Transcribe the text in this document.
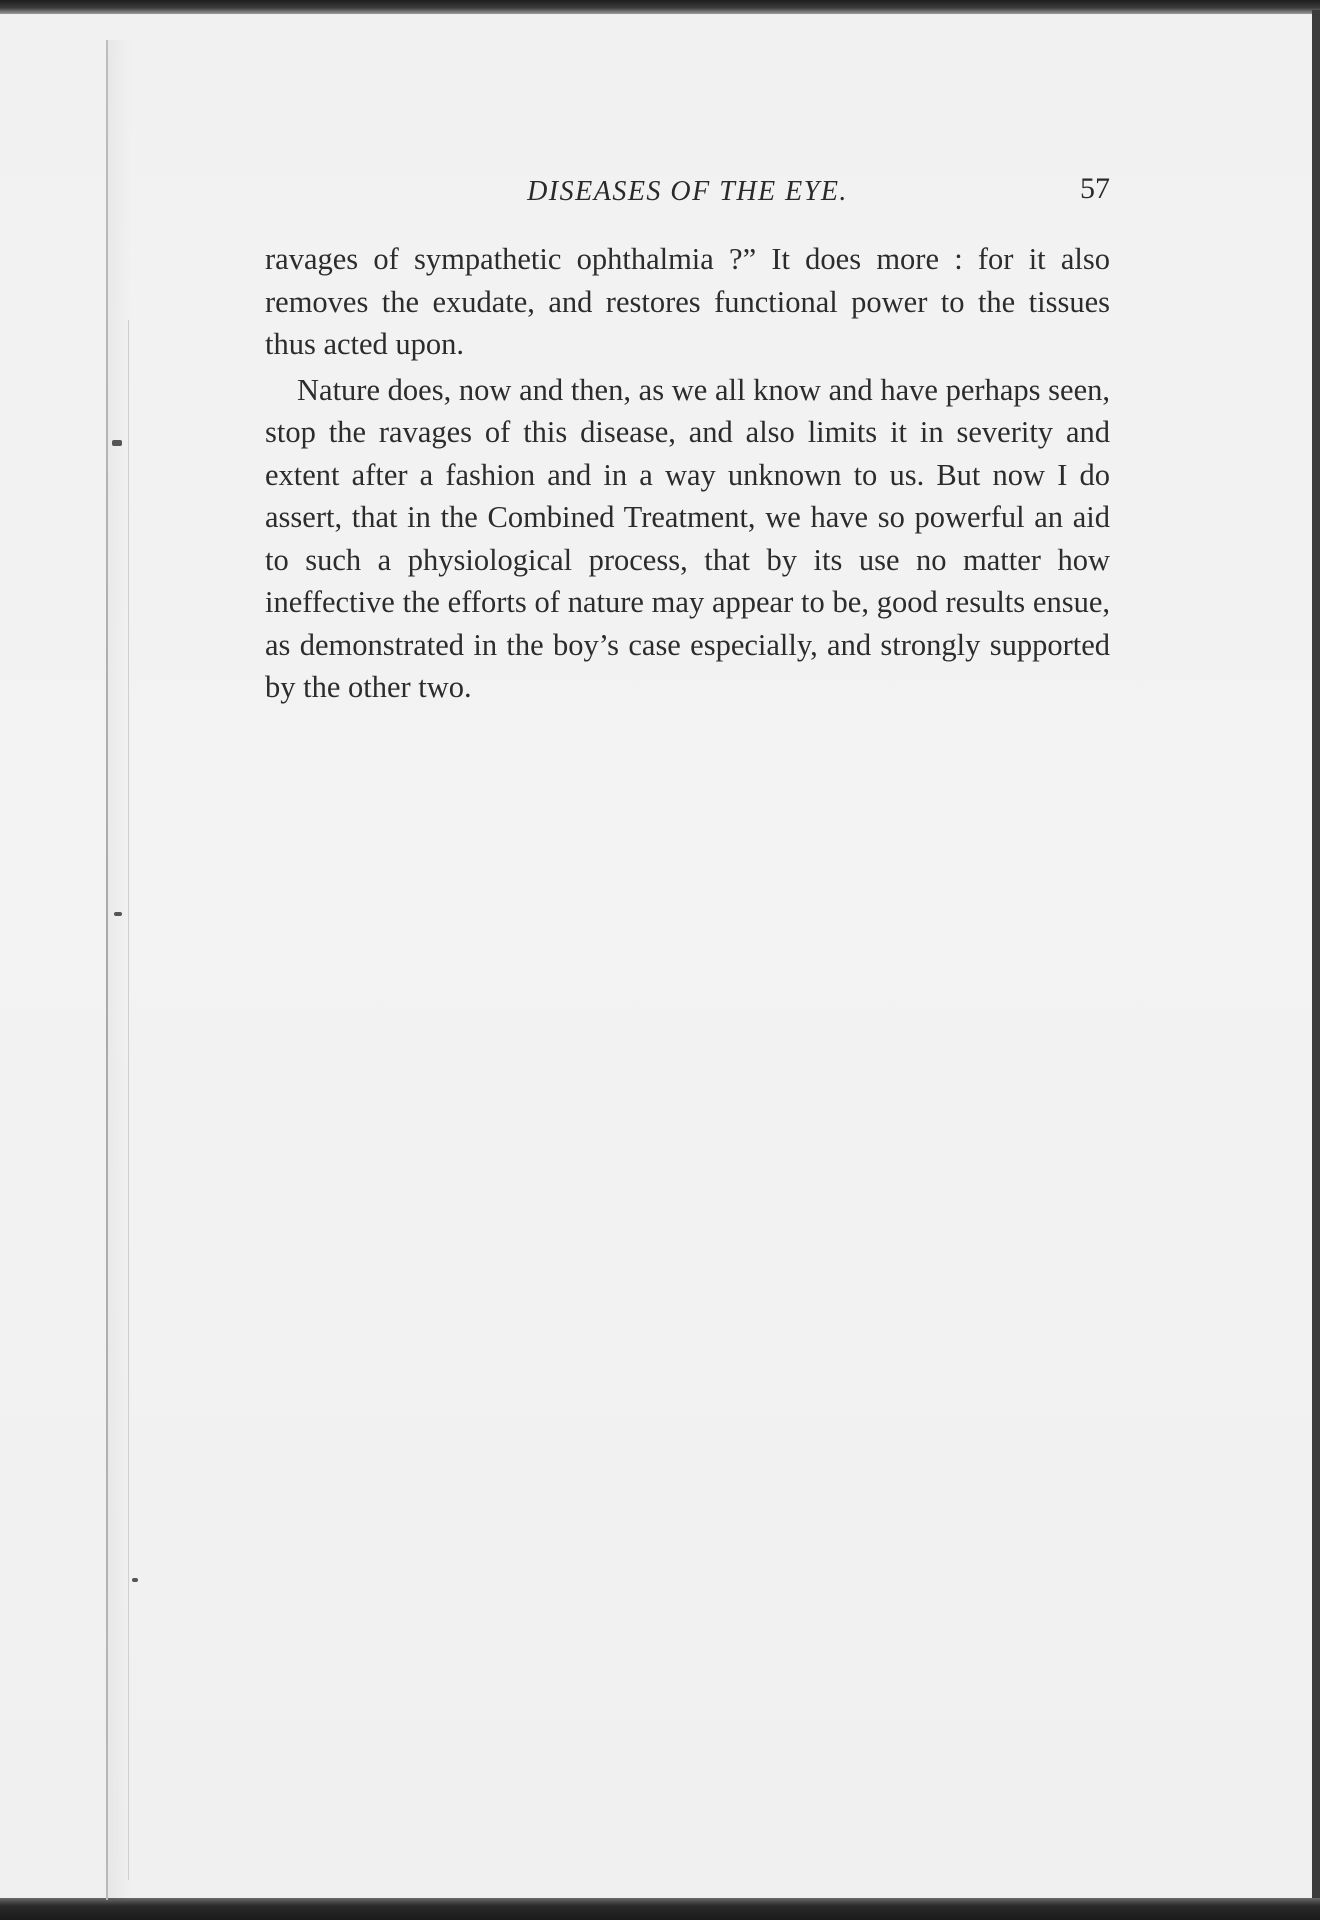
DISEASES OF THE EYE.	57

ravages of sympathetic ophthalmia ?” It does more : for it also removes the exudate, and restores functional power to the tissues thus acted upon.

Nature does, now and then, as we all know and have perhaps seen, stop the ravages of this disease, and also limits it in severity and extent after a fashion and in a way unknown to us. But now I do assert, that in the Combined Treatment, we have so powerful an aid to such a physiological process, that by its use no matter how ineffective the efforts of nature may appear to be, good results ensue, as demonstrated in the boy’s case especially, and strongly supported by the other two.
